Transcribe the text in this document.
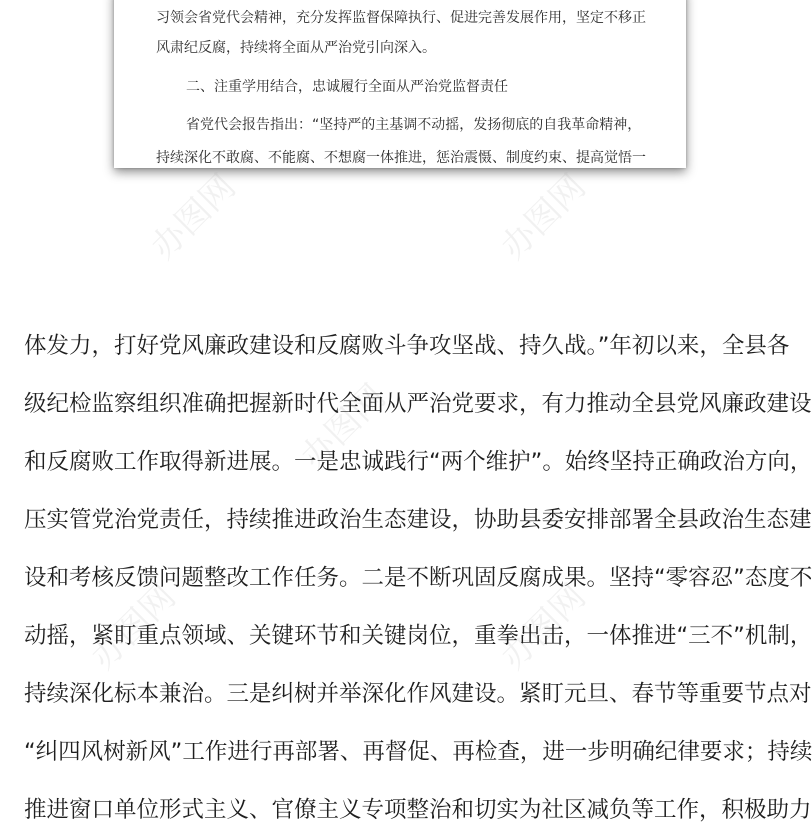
习领会省党代会精神，充分发挥监督保障执行、促进完善发展作用，坚定不移正
风肃纪反腐，持续将全面从严治党引向深入。
二、注重学用结合，忠诚履行全面从严治党监督责任
省党代会报告指出：“坚持严的主基调不动摇，发扬彻底的自我革命精神，
持续深化不敢腐、不能腐、不想腐一体推进，惩治震慑、制度约束、提高觉悟一
办图网	办图网
办图网
办图网	办图网
体发力，打好党风廉政建设和反腐败斗争攻坚战、持久战。”年初以来，全县各
级纪检监察组织准确把握新时代全面从严治党要求，有力推动全县党风廉政建设
和反腐败工作取得新进展。一是忠诚践行“两个维护”。始终坚持正确政治方向，
压实管党治党责任，持续推进政治生态建设，协助县委安排部署全县政治生态建
设和考核反馈问题整改工作任务。二是不断巩固反腐成果。坚持“零容忍”态度不
动摇，紧盯重点领域、关键环节和关键岗位，重拳出击，一体推进“三不”机制，
持续深化标本兼治。三是纠树并举深化作风建设。紧盯元旦、春节等重要节点对
“纠四风树新风”工作进行再部署、再督促、再检查，进一步明确纪律要求；持续
推进窗口单位形式主义、官僚主义专项整治和切实为社区减负等工作，积极助力
